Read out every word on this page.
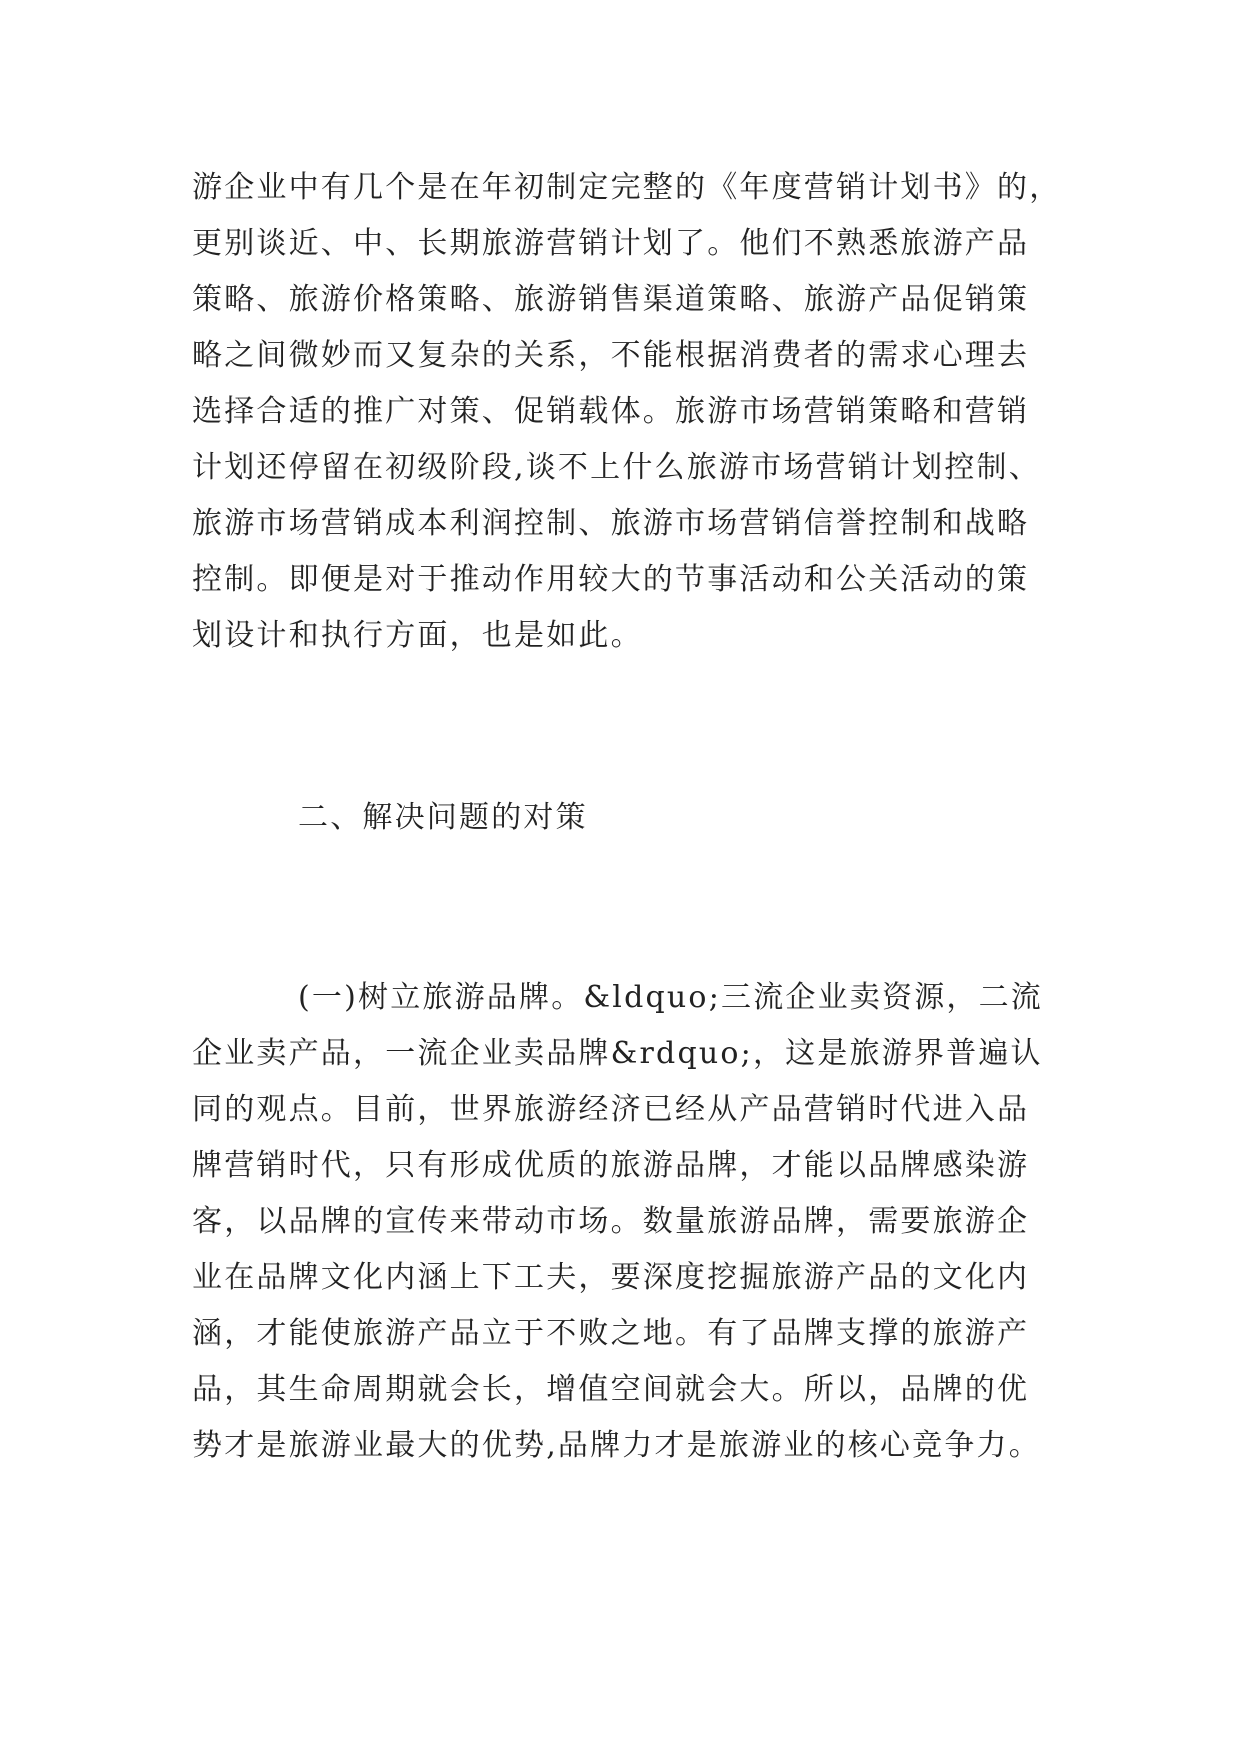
游企业中有几个是在年初制定完整的《年度营销计划书》的，
更别谈近、中、长期旅游营销计划了。他们不熟悉旅游产品
策略、旅游价格策略、旅游销售渠道策略、旅游产品促销策
略之间微妙而又复杂的关系，不能根据消费者的需求心理去
选择合适的推广对策、促销载体。旅游市场营销策略和营销
计划还停留在初级阶段,谈不上什么旅游市场营销计划控制、
旅游市场营销成本利润控制、旅游市场营销信誉控制和战略
控制。即便是对于推动作用较大的节事活动和公关活动的策
划设计和执行方面，也是如此。
二、解决问题的对策
(一)树立旅游品牌。&ldquo;三流企业卖资源，二流
企业卖产品，一流企业卖品牌&rdquo;，这是旅游界普遍认
同的观点。目前，世界旅游经济已经从产品营销时代进入品
牌营销时代，只有形成优质的旅游品牌，才能以品牌感染游
客，以品牌的宣传来带动市场。数量旅游品牌，需要旅游企
业在品牌文化内涵上下工夫，要深度挖掘旅游产品的文化内
涵，才能使旅游产品立于不败之地。有了品牌支撑的旅游产
品，其生命周期就会长，增值空间就会大。所以，品牌的优
势才是旅游业最大的优势,品牌力才是旅游业的核心竞争力。
